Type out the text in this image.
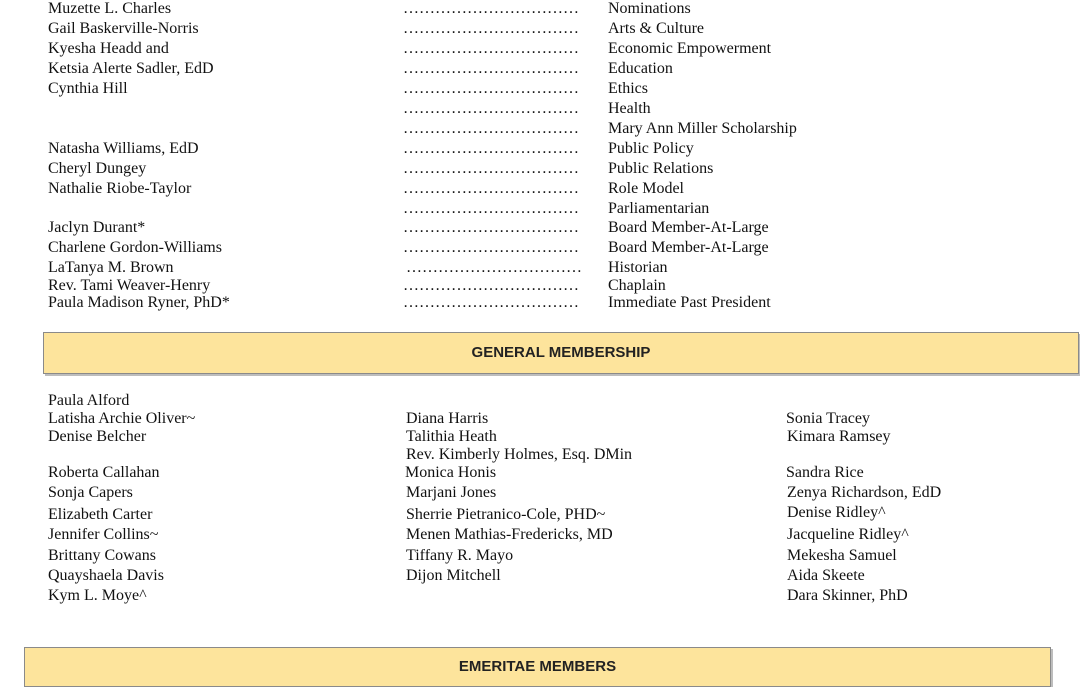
Muzette L. Charles
Gail Baskerville-Norris
Kyesha Headd and
Ketsia Alerte Sadler, EdD
Cynthia Hill
Natasha Williams, EdD
Cheryl Dungey
Nathalie Riobe-Taylor
Jaclyn Durant*
Charlene Gordon-Williams
LaTanya M. Brown
Rev. Tami Weaver-Henry
Paula Madison Ryner, PhD*
……………………………
……………………………
……………………………
……………………………
……………………………
……………………………
……………………………
……………………………
……………………………
……………………………
……………………………
……………………………
……………………………
……………………………
……………………………
……………………………
Nominations
Arts & Culture
Economic Empowerment
Education
Ethics
Health
Mary Ann Miller Scholarship
Public Policy
Public Relations
Role Model
Parliamentarian
Board Member-At-Large
Board Member-At-Large
Historian
Chaplain
Immediate Past President
GENERAL MEMBERSHIP
Paula Alford
Latisha Archie Oliver~
Denise Belcher
Roberta Callahan
Sonja Capers
Elizabeth Carter
Jennifer Collins~
Brittany Cowans
Quayshaela Davis
Kym L. Moye^
Diana Harris
Talithia Heath
Rev. Kimberly Holmes, Esq. DMin
Monica Honis
Marjani Jones
Sherrie Pietranico-Cole, PHD~
Menen Mathias-Fredericks, MD
Tiffany R. Mayo
Dijon Mitchell
Sonia Tracey
Kimara Ramsey
Sandra Rice
Zenya Richardson, EdD
Denise Ridley^
Jacqueline Ridley^
Mekesha Samuel
Aida Skeete
Dara Skinner, PhD
EMERITAE MEMBERS
